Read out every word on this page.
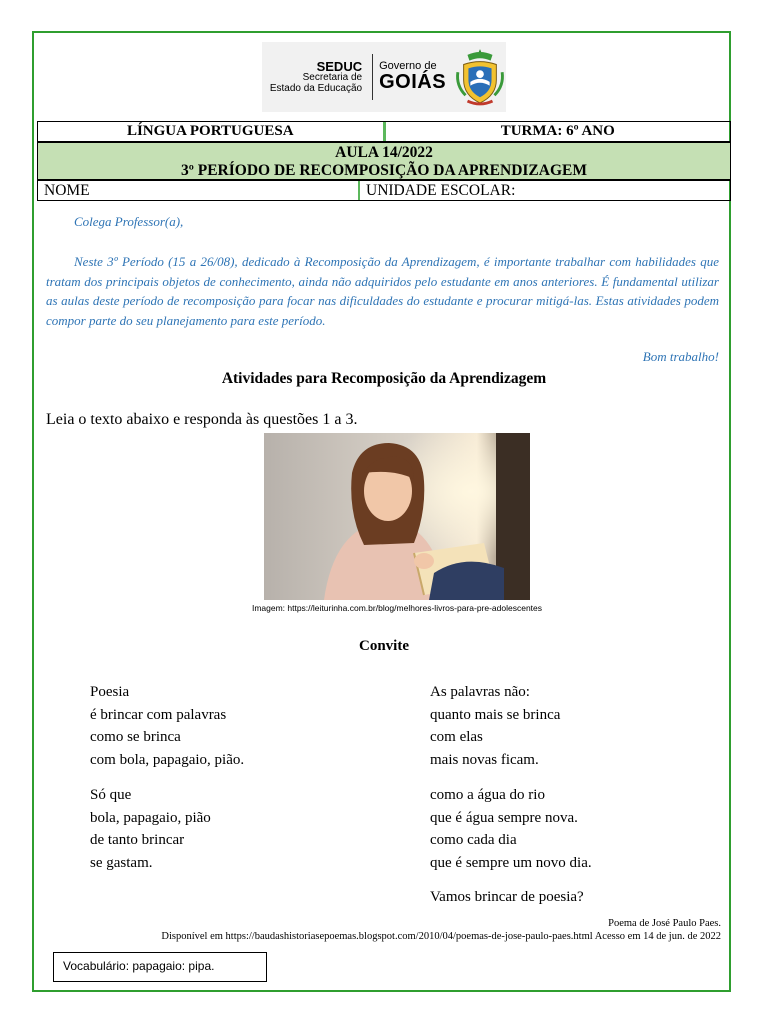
SEDUC
Secretaria de
Estado da Educação
Governo de
GOIÁS
LÍNGUA PORTUGUESA	TURMA: 6º ANO
AULA 14/2022
3º PERÍODO DE RECOMPOSIÇÃO DA APRENDIZAGEM
NOME	UNIDADE ESCOLAR:
Colega Professor(a),
Neste 3º Período (15 a 26/08), dedicado à Recomposição da Aprendizagem, é importante trabalhar com habilidades que tratam dos principais objetos de conhecimento, ainda não adquiridos pelo estudante em anos anteriores. É fundamental utilizar as aulas deste período de recomposição para focar nas dificuldades do estudante e procurar mitigá-las. Estas atividades podem compor parte do seu planejamento para este período.
Bom trabalho!
Atividades para Recomposição da Aprendizagem
Leia o texto abaixo e responda às questões 1 a 3.
Imagem: https://leiturinha.com.br/blog/melhores-livros-para-pre-adolescentes
Convite
Poesia
é brincar com palavras
como se brinca
com bola, papagaio, pião.
Só que
bola, papagaio, pião
de tanto brincar
se gastam.
As palavras não:
quanto mais se brinca
com elas
mais novas ficam.
como a água do rio
que é água sempre nova.
como cada dia
que é sempre um novo dia.
Vamos brincar de poesia?
Poema de José Paulo Paes.
Disponível em https://baudashistoriasepoemas.blogspot.com/2010/04/poemas-de-jose-paulo-paes.html Acesso em 14 de jun. de 2022
Vocabulário: papagaio: pipa.
